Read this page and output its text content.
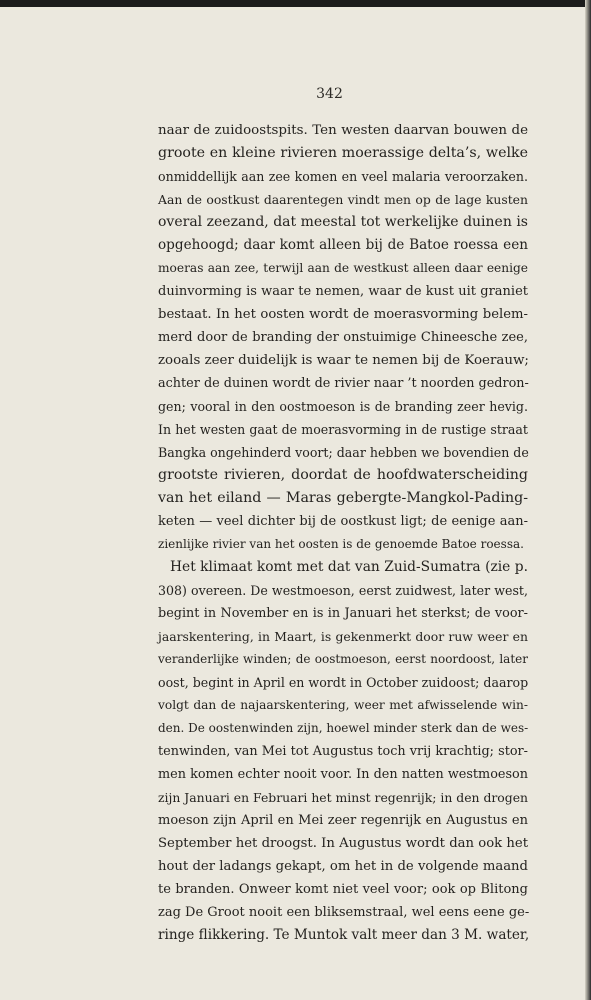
342
naar de zuidoostspits. Ten westen daarvan bouwen de
groote en kleine rivieren moerassige delta’s, welke
onmiddellijk aan zee komen en veel malaria veroorzaken.
Aan de oostkust daarentegen vindt men op de lage kusten
overal zeezand, dat meestal tot werkelijke duinen is
opgehoogd; daar komt alleen bij de Batoe roessa een
moeras aan zee, terwijl aan de westkust alleen daar eenige
duinvorming is waar te nemen, waar de kust uit graniet
bestaat. In het oosten wordt de moerasvorming belem-
merd door de branding der onstuimige Chineesche zee,
zooals zeer duidelijk is waar te nemen bij de Koerauw;
achter de duinen wordt de rivier naar ’t noorden gedron-
gen; vooral in den oostmoeson is de branding zeer hevig.
In het westen gaat de moerasvorming in de rustige straat
Bangka ongehinderd voort; daar hebben we bovendien de
grootste rivieren, doordat de hoofdwaterscheiding
van het eiland — Maras gebergte-Mangkol-Pading-
keten — veel dichter bij de oostkust ligt; de eenige aan-
zienlijke rivier van het oosten is de genoemde Batoe roessa.
Het klimaat komt met dat van Zuid-Sumatra (zie p.
308) overeen. De westmoeson, eerst zuidwest, later west,
begint in November en is in Januari het sterkst; de voor-
jaarskentering, in Maart, is gekenmerkt door ruw weer en
veranderlijke winden; de oostmoeson, eerst noordoost, later
oost, begint in April en wordt in October zuidoost; daarop
volgt dan de najaarskentering, weer met afwisselende win-
den. De oostenwinden zijn, hoewel minder sterk dan de wes-
tenwinden, van Mei tot Augustus toch vrij krachtig; stor-
men komen echter nooit voor. In den natten westmoeson
zijn Januari en Februari het minst regenrijk; in den drogen
moeson zijn April en Mei zeer regenrijk en Augustus en
September het droogst. In Augustus wordt dan ook het
hout der ladangs gekapt, om het in de volgende maand
te branden. Onweer komt niet veel voor; ook op Blitong
zag De Groot nooit een bliksemstraal, wel eens eene ge-
ringe flikkering. Te Muntok valt meer dan 3 M. water,
